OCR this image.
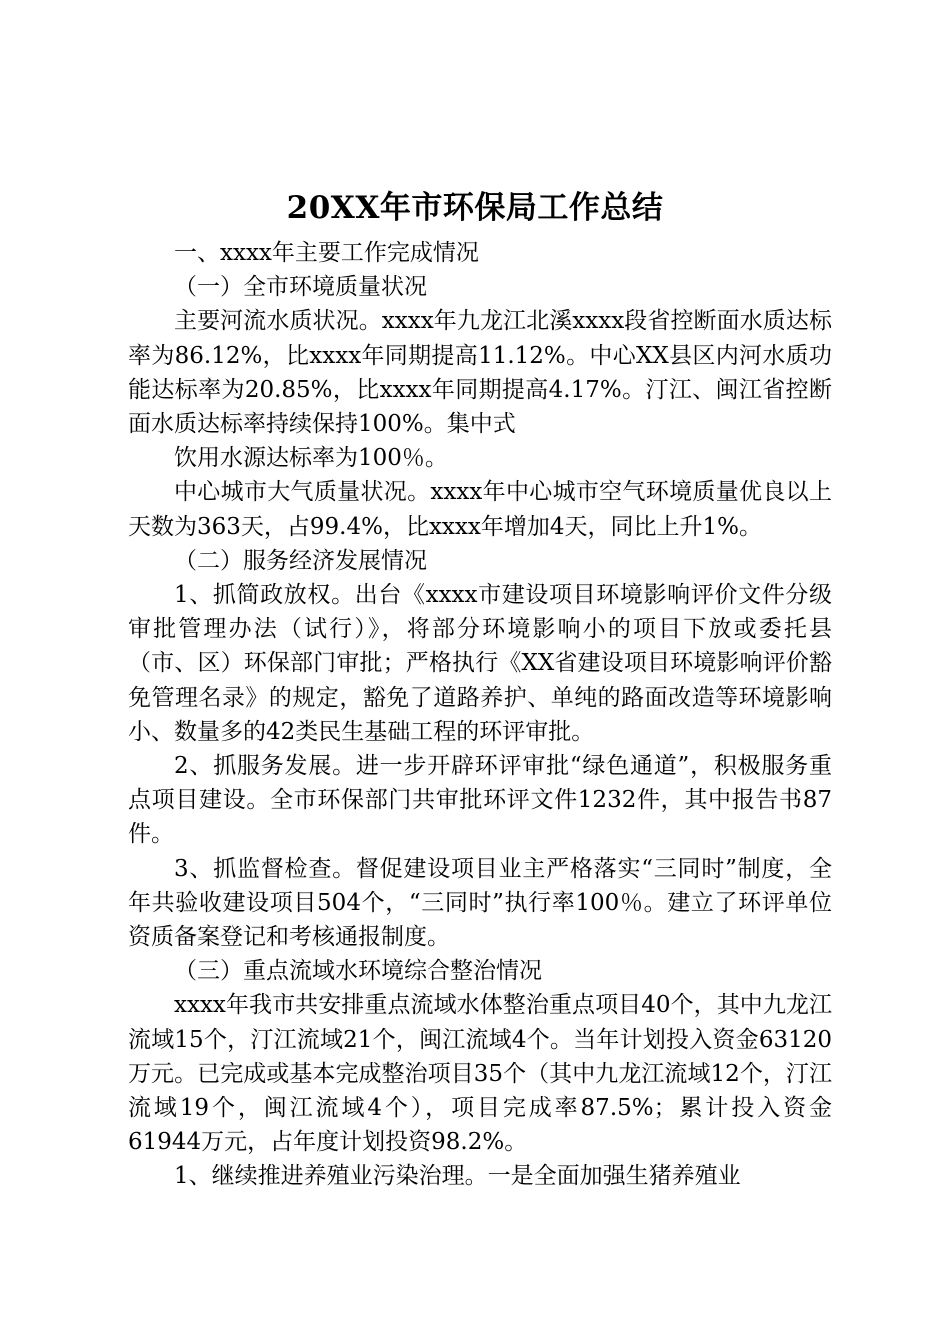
20XX年市环保局工作总结

一、xxxx年主要工作完成情况

（一）全市环境质量状况

主要河流水质状况。xxxx年九龙江北溪xxxx段省控断面水质达标率为86.12%，比xxxx年同期提高11.12%。中心XX县区内河水质功能达标率为20.85%，比xxxx年同期提高4.17%。汀江、闽江省控断面水质达标率持续保持100%。集中式

饮用水源达标率为100％。

中心城市大气质量状况。xxxx年中心城市空气环境质量优良以上天数为363天，占99.4%，比xxxx年增加4天，同比上升1%。

（二）服务经济发展情况

1、抓简政放权。出台《xxxx市建设项目环境影响评价文件分级审批管理办法（试行）》，将部分环境影响小的项目下放或委托县（市、区）环保部门审批；严格执行《XX省建设项目环境影响评价豁免管理名录》的规定，豁免了道路养护、单纯的路面改造等环境影响小、数量多的42类民生基础工程的环评审批。

2、抓服务发展。进一步开辟环评审批“绿色通道”，积极服务重点项目建设。全市环保部门共审批环评文件1232件，其中报告书87件。

3、抓监督检查。督促建设项目业主严格落实“三同时”制度，全年共验收建设项目504个，“三同时”执行率100％。建立了环评单位资质备案登记和考核通报制度。

（三）重点流域水环境综合整治情况

xxxx年我市共安排重点流域水体整治重点项目40个，其中九龙江流域15个，汀江流域21个，闽江流域4个。当年计划投入资金63120万元。已完成或基本完成整治项目35个（其中九龙江流域12个，汀江流域19个，闽江流域4个），项目完成率87.5%；累计投入资金61944万元，占年度计划投资98.2%。

1、继续推进养殖业污染治理。一是全面加强生猪养殖业
